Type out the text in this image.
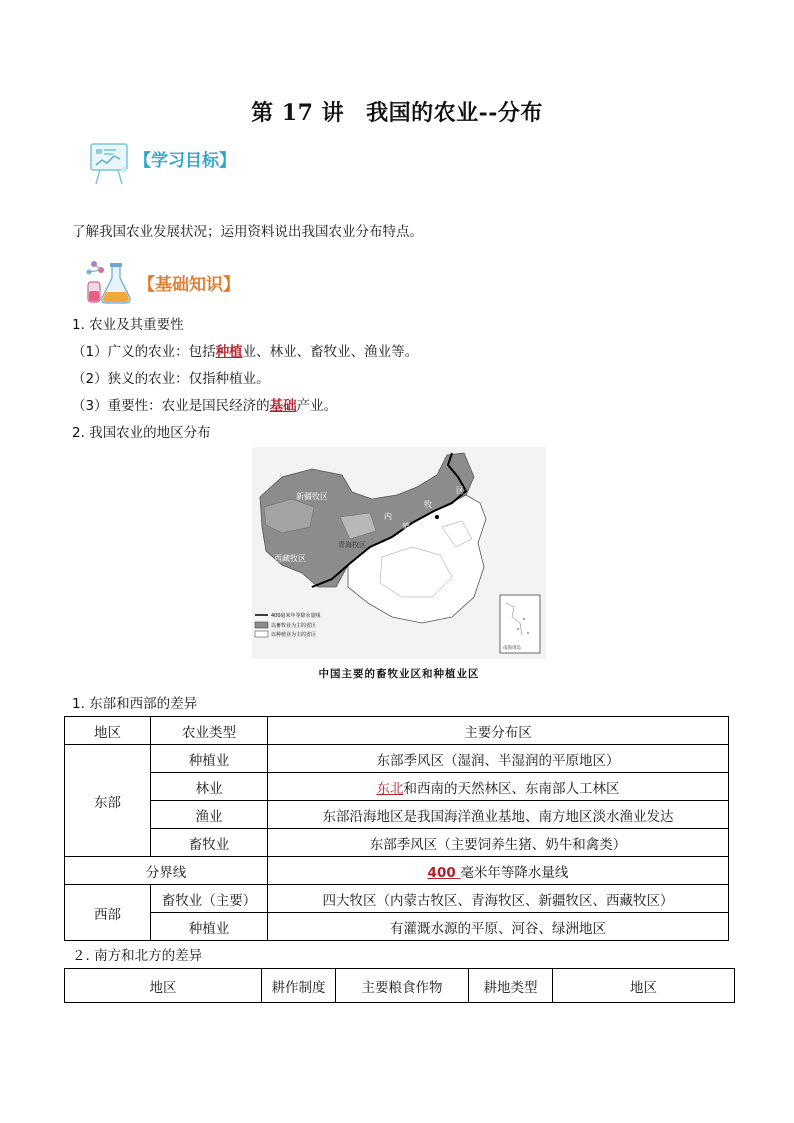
第 17 讲 我国的农业--分布
【学习目标】
了解我国农业发展状况；运用资料说出我国农业分布特点。
【基础知识】
1. 农业及其重要性
（1）广义的农业：包括种植业、林业、畜牧业、渔业等。
（2）狭义的农业：仅指种植业。
（3）重要性：农业是国民经济的基础产业。
2. 我国农业的地区分布
新疆牧区
西藏牧区
青海牧区
内
蒙
牧
区
南海诸岛
400毫米年等降水量线
以畜牧业为主的省区
以种植业为主的省区
中国主要的畜牧业区和种植业区
1. 东部和西部的差异
地区	农业类型	主要分布区
东部	种植业	东部季风区（湿润、半湿润的平原地区）
	林业	东北和西南的天然林区、东南部人工林区
	渔业	东部沿海地区是我国海洋渔业基地、南方地区淡水渔业发达
	畜牧业	东部季风区（主要饲养生猪、奶牛和禽类）
分界线		400 毫米年等降水量线
西部	畜牧业（主要）	四大牧区（内蒙古牧区、青海牧区、新疆牧区、西藏牧区）
	种植业	有灌溉水源的平原、河谷、绿洲地区
２. 南方和北方的差异
地区	耕作制度	主要粮食作物	耕地类型	地区
